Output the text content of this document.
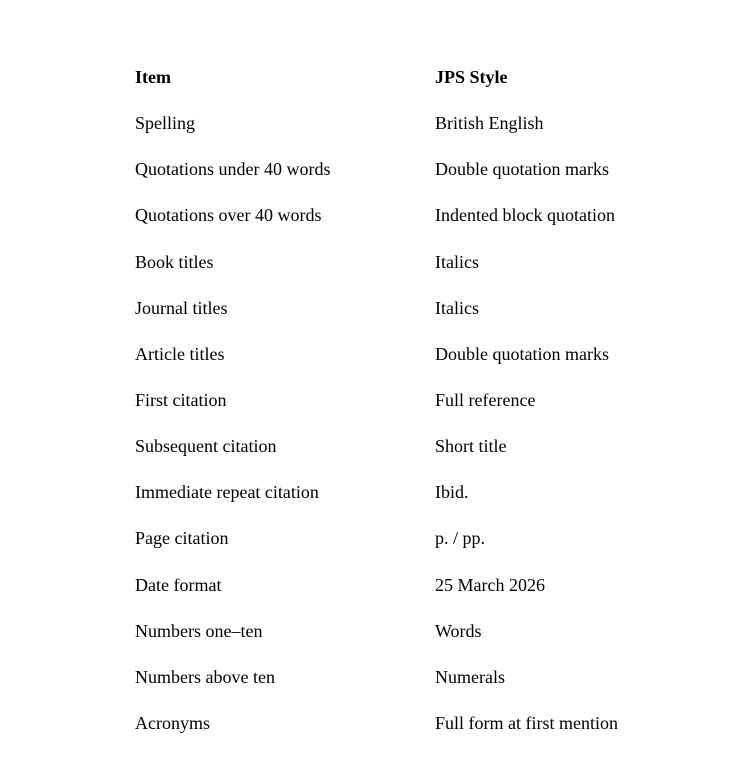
Item	JPS Style
Spelling	British English
Quotations under 40 words	Double quotation marks
Quotations over 40 words	Indented block quotation
Book titles	Italics
Journal titles	Italics
Article titles	Double quotation marks
First citation	Full reference
Subsequent citation	Short title
Immediate repeat citation	Ibid.
Page citation	p. / pp.
Date format	25 March 2026
Numbers one–ten	Words
Numbers above ten	Numerals
Acronyms	Full form at first mention
